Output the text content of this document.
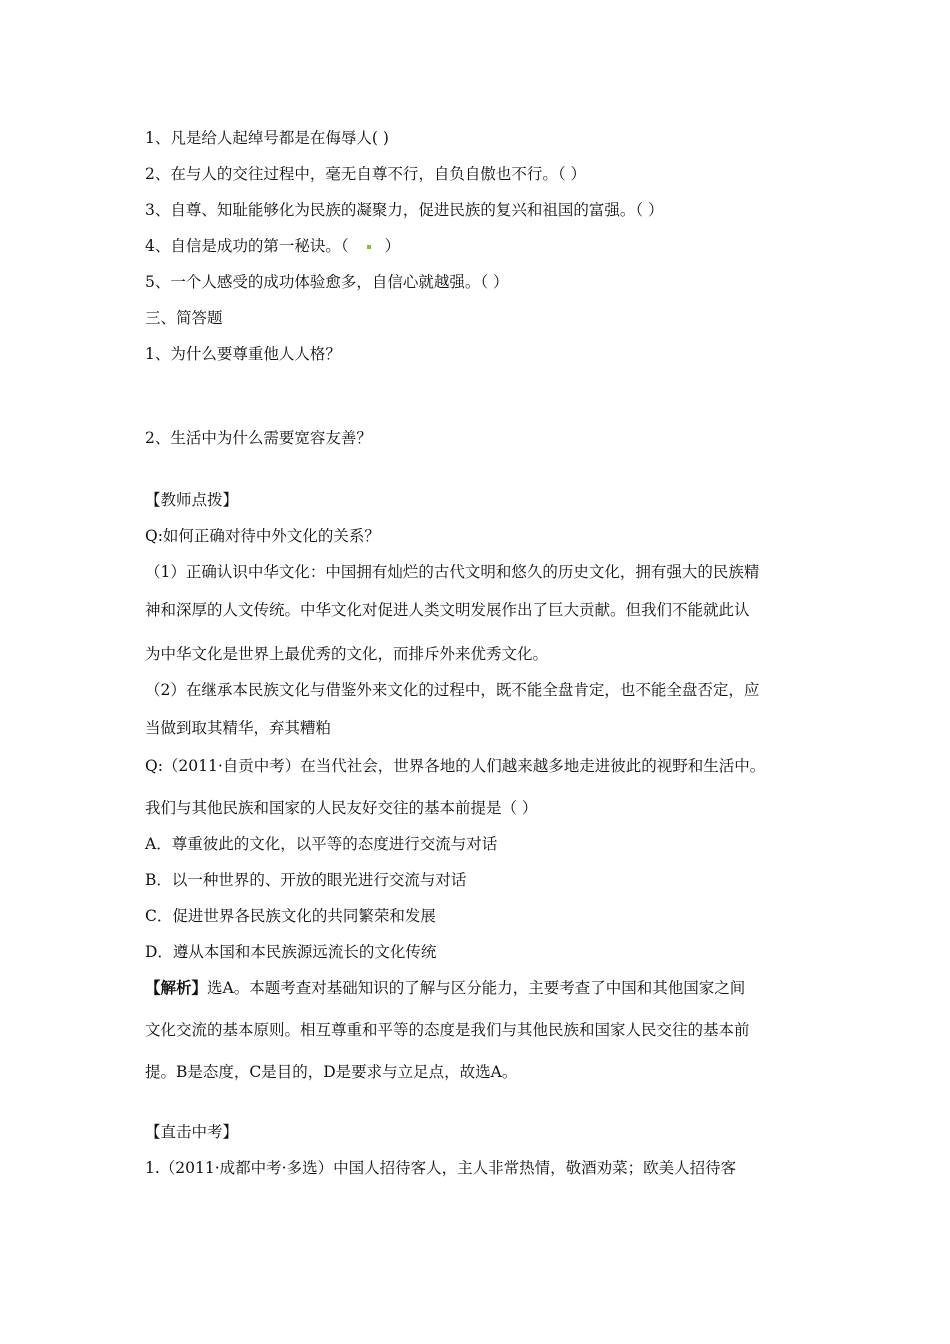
1、凡是给人起绰号都是在侮辱人( )
2、在与人的交往过程中，毫无自尊不行，自负自傲也不行。（ ）
3、自尊、知耻能够化为民族的凝聚力，促进民族的复兴和祖国的富强。（ ）
4、自信是成功的第一秘诀。（ ）
5、一个人感受的成功体验愈多，自信心就越强。（ ）
三、简答题
1、为什么要尊重他人人格？
2、生活中为什么需要宽容友善？
【教师点拨】
Q:如何正确对待中外文化的关系？
（1）正确认识中华文化：中国拥有灿烂的古代文明和悠久的历史文化，拥有强大的民族精
神和深厚的人文传统。中华文化对促进人类文明发展作出了巨大贡献。但我们不能就此认
为中华文化是世界上最优秀的文化，而排斥外来优秀文化。
（2）在继承本民族文化与借鉴外来文化的过程中，既不能全盘肯定，也不能全盘否定，应
当做到取其精华，弃其糟粕
Q:（2011·自贡中考）在当代社会，世界各地的人们越来越多地走进彼此的视野和生活中。
我们与其他民族和国家的人民友好交往的基本前提是（ ）
A．尊重彼此的文化，以平等的态度进行交流与对话
B．以一种世界的、开放的眼光进行交流与对话
C．促进世界各民族文化的共同繁荣和发展
D．遵从本国和本民族源远流长的文化传统
【解析】选A。本题考查对基础知识的了解与区分能力，主要考查了中国和其他国家之间
文化交流的基本原则。相互尊重和平等的态度是我们与其他民族和国家人民交往的基本前
提。B是态度，C是目的，D是要求与立足点，故选A。
【直击中考】
1.（2011·成都中考·多选）中国人招待客人，主人非常热情，敬酒劝菜；欧美人招待客
